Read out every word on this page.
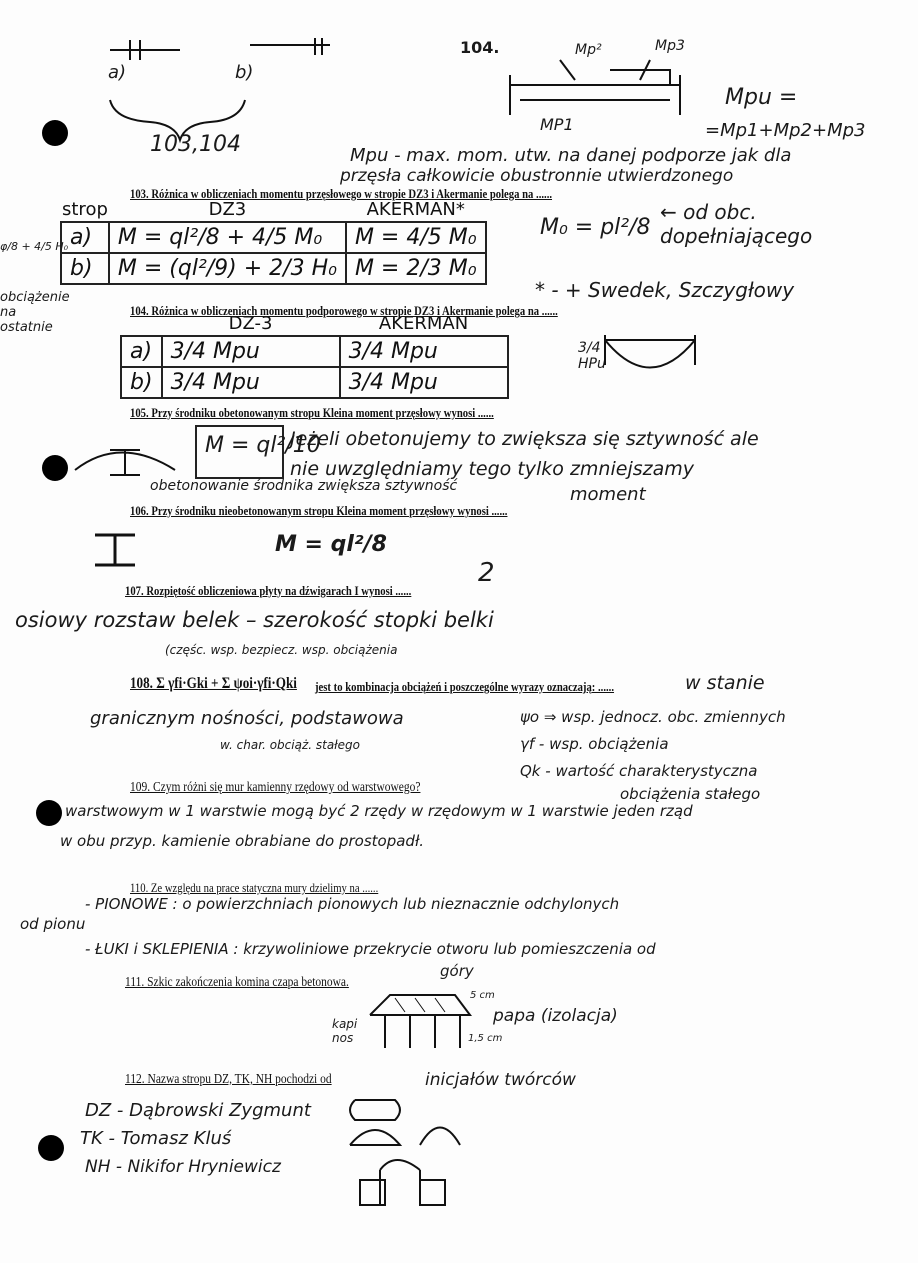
a)	b)
103,104
104.	Mp²	Mp3
MP1
Mpu =
=Mp1+Mp2+Mp3
Mpu - max. mom. utw. na danej podporze jak dla
przęsła całkowicie obustronnie utwierdzonego
103. Różnica w obliczeniach momentu przęsłowego w stropie DZ3 i Akermanie polega na ......
strop	DZ3	AKERMAN*
a)	M = ql²/8 + 4/5 M₀	M = 4/5 M₀
b)	M = (ql²/9) + 2/3 H₀	M = 2/3 M₀
φ/8 + 4/5 H₀
obciążenie na ostatnie
M₀ = pl²/8
← od obc. dopełniającego
* - + Swedek, Szczygłowy
104. Różnica w obliczeniach momentu podporowego w stropie DZ3 i Akermanie polega na ......
	DZ-3	AKERMAN
a)	3/4 Mpu	3/4 Mpu
b)	3/4 Mpu	3/4 Mpu
3/4 HPu
105. Przy środniku obetonowanym stropu Kleina moment przęsłowy wynosi ......
M = ql²/10
Jeżeli obetonujemy to zwiększa się sztywność ale
nie uwzględniamy tego tylko zmniejszamy
moment
obetonowanie środnika zwiększa sztywność
106. Przy środniku nieobetonowanym stropu Kleina moment przęsłowy wynosi ......
M = ql²/8
107. Rozpiętość obliczeniowa płyty na dźwigarach I wynosi ......
2
osiowy rozstaw belek – szerokość stopki belki
(częśc. wsp. bezpiecz. wsp. obciążenia
108. Σ γfi·Gki + Σ ψoi·γfi·Qki jest to kombinacja obciążeń i poszczególne wyrazy oznaczają: ......	w stanie
granicznym nośności, podstawowa
w. char. obciąż. stałego
ψo ⇒ wsp. jednocz. obc. zmiennych
γf - wsp. obciążenia
Qk - wartość charakterystyczna
obciążenia stałego
109. Czym różni się mur kamienny rzędowy od warstwowego?
warstwowym w 1 warstwie mogą być 2 rzędy w rzędowym w 1 warstwie jeden rząd
w obu przyp. kamienie obrabiane do prostopadł.
110. Ze względu na prace statyczna mury dzielimy na ......
- PIONOWE : o powierzchniach pionowych lub nieznacznie odchylonych
od pionu
- ŁUKI i SKLEPIENIA : krzywoliniowe przekrycie otworu lub pomieszczenia od
góry
111. Szkic zakończenia komina czapa betonowa.
kapi nos
5 cm
papa (izolacja)
1,5 cm
112. Nazwa stropu DZ, TK, NH pochodzi od	inicjałów twórców
DZ - Dąbrowski Zygmunt
TK - Tomasz Kluś
NH - Nikifor Hryniewicz
